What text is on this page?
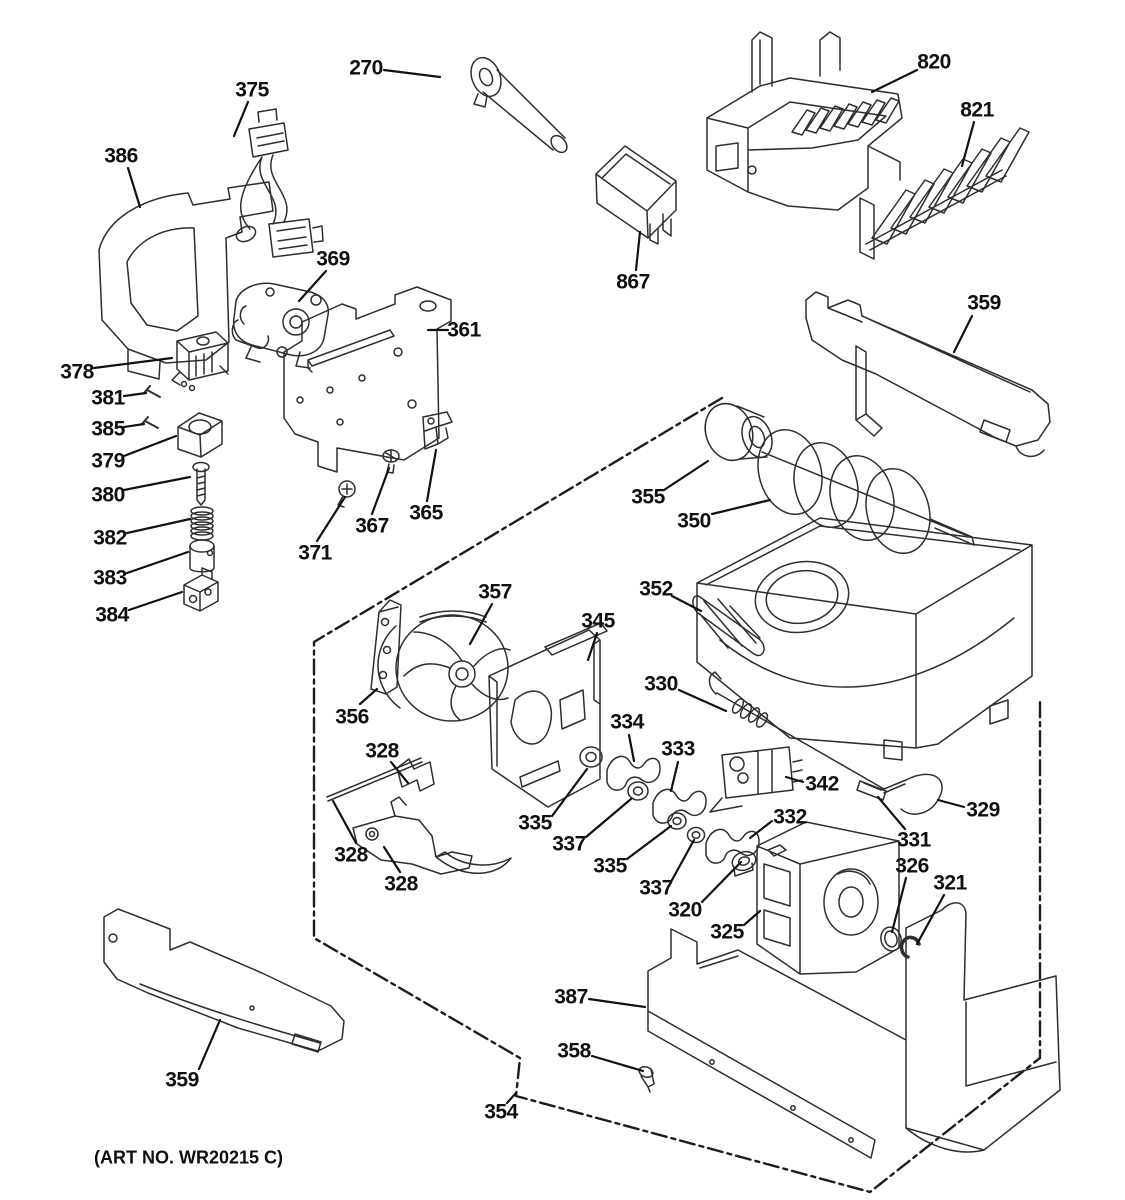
270
375
386
369
361
378
381
385
379
380
382
383
384
371
367
365
820
821
867
359
355
350
352
357
345
356
330
334
333
328
328
328
335
337
335
337
342
332	329
331
326
321
320
325
387
358
354
359
(ART NO. WR20215 C)
